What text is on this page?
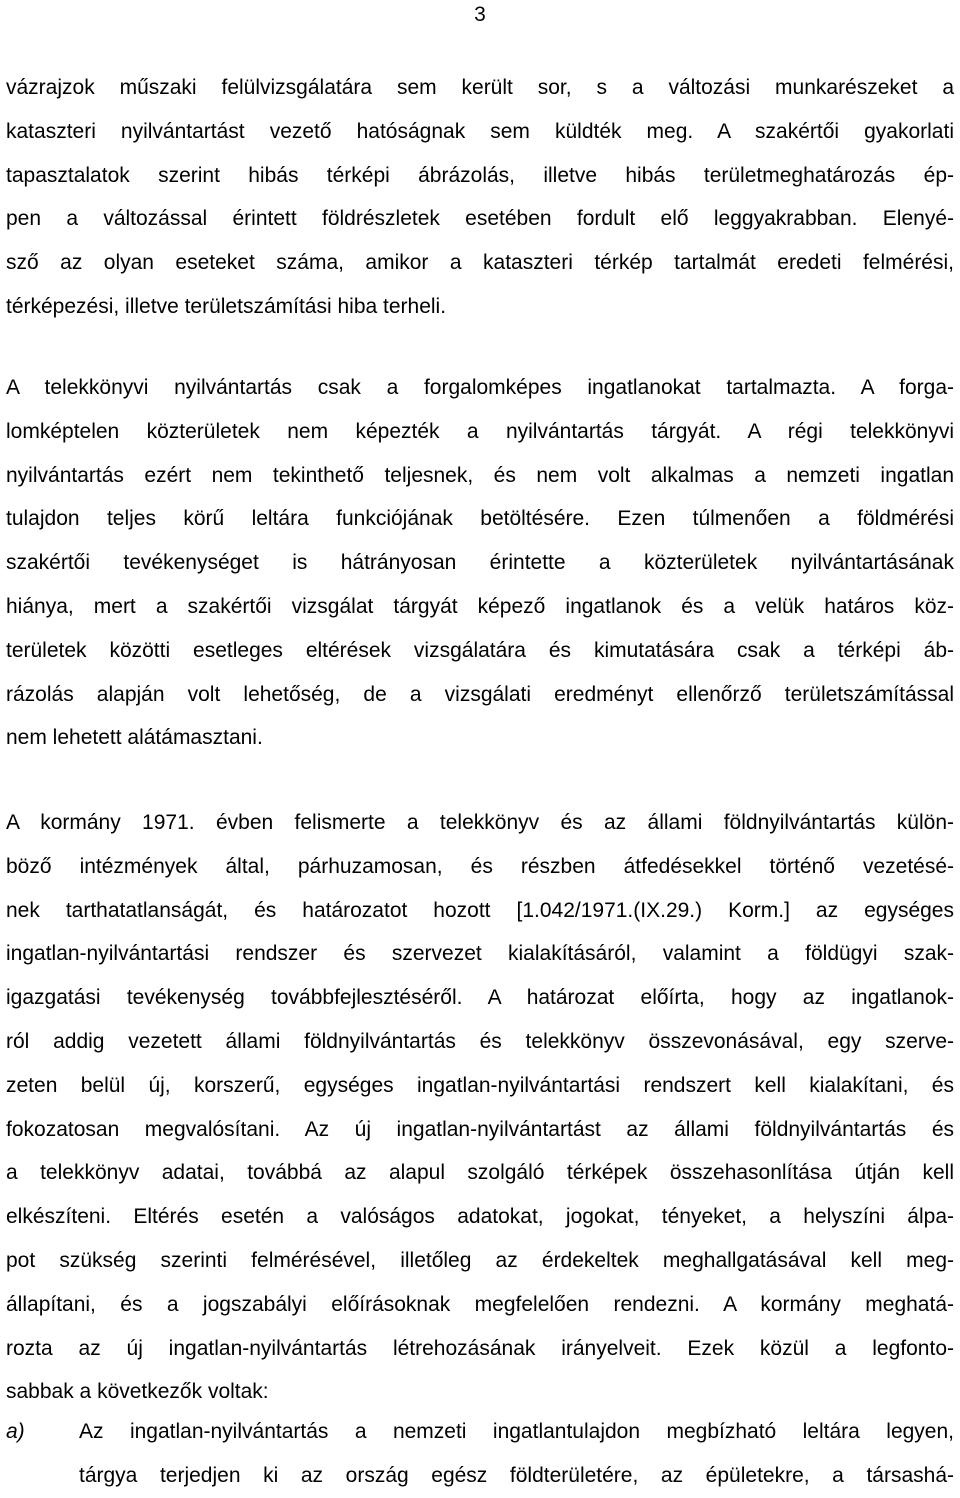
3

vázrajzok műszaki felülvizsgálatára sem került sor, s a változási munkarészeket a
kataszteri nyilvántartást vezető hatóságnak sem küldték meg. A szakértői gyakorlati
tapasztalatok szerint hibás térképi ábrázolás, illetve hibás területmeghatározás ép-
pen a változással érintett földrészletek esetében fordult elő leggyakrabban. Elenyé-
sző az olyan eseteket száma, amikor a kataszteri térkép tartalmát eredeti felmérési,
térképezési, illetve területszámítási hiba terheli.

A telekkönyvi nyilvántartás csak a forgalomképes ingatlanokat tartalmazta. A forga-
lomképtelen közterületek nem képezték a nyilvántartás tárgyát. A régi telekkönyvi
nyilvántartás ezért nem tekinthető teljesnek, és nem volt alkalmas a nemzeti ingatlan
tulajdon teljes körű leltára funkciójának betöltésére. Ezen túlmenően a földmérési
szakértői tevékenységet is hátrányosan érintette a közterületek nyilvántartásának
hiánya, mert a szakértői vizsgálat tárgyát képező ingatlanok és a velük határos köz-
területek közötti esetleges eltérések vizsgálatára és kimutatására csak a térképi áb-
rázolás alapján volt lehetőség, de a vizsgálati eredményt ellenőrző területszámítással
nem lehetett alátámasztani.

A kormány 1971. évben felismerte a telekkönyv és az állami földnyilvántartás külön-
böző intézmények által, párhuzamosan, és részben átfedésekkel történő vezetésé-
nek tarthatatlanságát, és határozatot hozott [1.042/1971.(IX.29.) Korm.] az egységes
ingatlan-nyilvántartási rendszer és szervezet kialakításáról, valamint a földügyi szak-
igazgatási tevékenység továbbfejlesztéséről. A határozat előírta, hogy az ingatlanok-
ról addig vezetett állami földnyilvántartás és telekkönyv összevonásával, egy szerve-
zeten belül új, korszerű, egységes ingatlan-nyilvántartási rendszert kell kialakítani, és
fokozatosan megvalósítani. Az új ingatlan-nyilvántartást az állami földnyilvántartás és
a telekkönyv adatai, továbbá az alapul szolgáló térképek összehasonlítása útján kell
elkészíteni. Eltérés esetén a valóságos adatokat, jogokat, tényeket, a helyszíni álpa-
pot szükség szerinti felmérésével, illetőleg az érdekeltek meghallgatásával kell meg-
állapítani, és a jogszabályi előírásoknak megfelelően rendezni. A kormány meghatá-
rozta az új ingatlan-nyilvántartás létrehozásának irányelveit. Ezek közül a legfonto-
sabbak a következők voltak:

a)	Az ingatlan-nyilvántartás a nemzeti ingatlantulajdon megbízható leltára legyen,
tárgya terjedjen ki az ország egész földterületére, az épületekre, a társashá-
